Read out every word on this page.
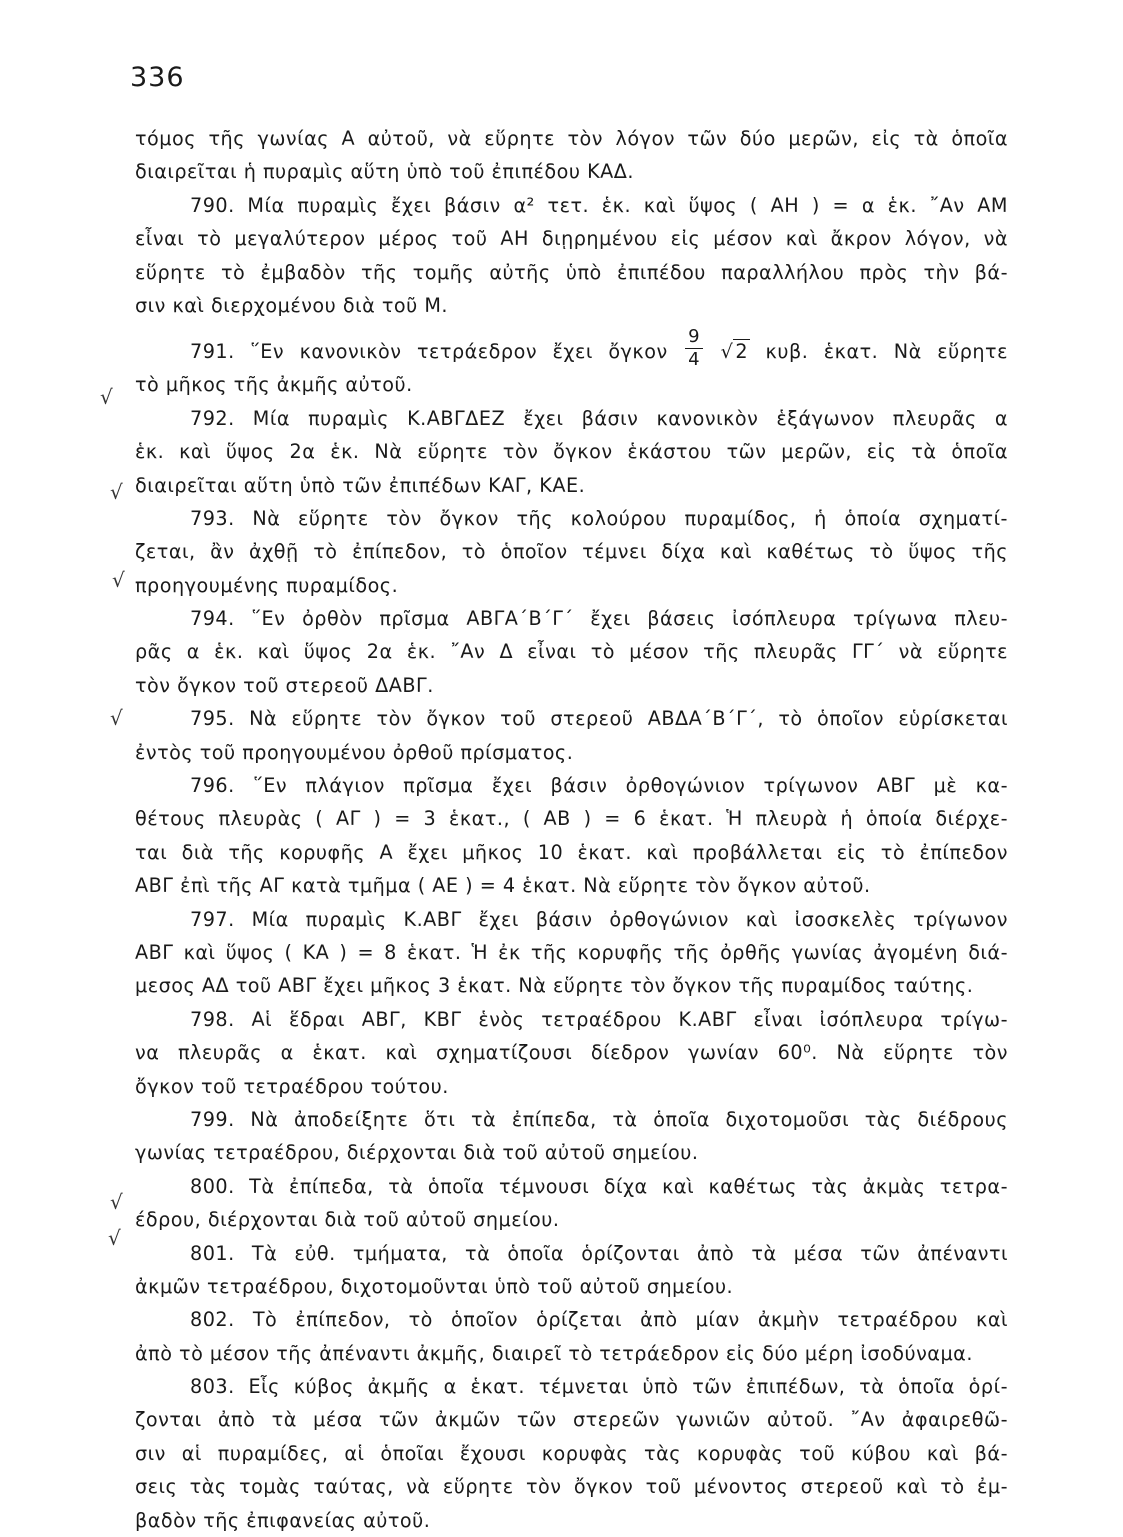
336
√
√
√
√
√
√
τόμος τῆς γωνίας Α αὐτοῦ, νὰ εὕρητε τὸν λόγον τῶν δύο μερῶν, εἰς τὰ ὁποῖα
διαιρεῖται ἡ πυραμὶς αὕτη ὑπὸ τοῦ ἐπιπέδου ΚΑΔ.
790. Μία πυραμὶς ἔχει βάσιν α² τετ. ἑκ. καὶ ὕψος ( ΑΗ ) = α ἑκ. ῎Αν ΑΜ
εἶναι τὸ μεγαλύτερον μέρος τοῦ ΑΗ διῃρημένου εἰς μέσον καὶ ἄκρον λόγον, νὰ
εὕρητε τὸ ἐμβαδὸν τῆς τομῆς αὐτῆς ὑπὸ ἐπιπέδου παραλλήλου πρὸς τὴν βά-
σιν καὶ διερχομένου διὰ τοῦ Μ.
791. ῞Εν κανονικὸν τετράεδρον ἔχει ὄγκον $\frac{9}{4}$ √ 2 κυβ. ἑκατ. Νὰ εὕρητε
τὸ μῆκος τῆς ἀκμῆς αὐτοῦ.
792. Μία πυραμὶς Κ.ΑΒΓΔΕΖ ἔχει βάσιν κανονικὸν ἑξάγωνον πλευρᾶς α
ἑκ. καὶ ὕψος 2α ἑκ. Νὰ εὕρητε τὸν ὄγκον ἑκάστου τῶν μερῶν, εἰς τὰ ὁποῖα
διαιρεῖται αὕτη ὑπὸ τῶν ἐπιπέδων ΚΑΓ, ΚΑΕ.
793. Νὰ εὕρητε τὸν ὄγκον τῆς κολούρου πυραμίδος, ἡ ὁποία σχηματί-
ζεται, ἂν ἀχθῇ τὸ ἐπίπεδον, τὸ ὁποῖον τέμνει δίχα καὶ καθέτως τὸ ὕψος τῆς
προηγουμένης πυραμίδος.
794. ῞Εν ὀρθὸν πρῖσμα ΑΒΓΑ΄Β΄Γ΄ ἔχει βάσεις ἰσόπλευρα τρίγωνα πλευ-
ρᾶς α ἑκ. καὶ ὕψος 2α ἑκ. ῎Αν Δ εἶναι τὸ μέσον τῆς πλευρᾶς ΓΓ΄ νὰ εὕρητε
τὸν ὄγκον τοῦ στερεοῦ ΔΑΒΓ.
795. Νὰ εὕρητε τὸν ὄγκον τοῦ στερεοῦ ΑΒΔΑ΄Β΄Γ΄, τὸ ὁποῖον εὑρίσκεται
ἐντὸς τοῦ προηγουμένου ὀρθοῦ πρίσματος.
796. ῞Εν πλάγιον πρῖσμα ἔχει βάσιν ὀρθογώνιον τρίγωνον ΑΒΓ μὲ κα-
θέτους πλευρὰς ( ΑΓ ) = 3 ἑκατ., ( ΑΒ ) = 6 ἑκατ. Ἡ πλευρὰ ἡ ὁποία διέρχε-
ται διὰ τῆς κορυφῆς Α ἔχει μῆκος 10 ἑκατ. καὶ προβάλλεται εἰς τὸ ἐπίπεδον
ΑΒΓ ἐπὶ τῆς ΑΓ κατὰ τμῆμα ( ΑΕ ) = 4 ἑκατ. Νὰ εὕρητε τὸν ὄγκον αὐτοῦ.
797. Μία πυραμὶς Κ.ΑΒΓ ἔχει βάσιν ὀρθογώνιον καὶ ἰσοσκελὲς τρίγωνον
ΑΒΓ καὶ ὕψος ( ΚΑ ) = 8 ἑκατ. Ἡ ἐκ τῆς κορυφῆς τῆς ὀρθῆς γωνίας ἀγομένη διά-
μεσος ΑΔ τοῦ ΑΒΓ ἔχει μῆκος 3 ἑκατ. Νὰ εὕρητε τὸν ὄγκον τῆς πυραμίδος ταύτης.
798. Αἱ ἕδραι ΑΒΓ, ΚΒΓ ἑνὸς τετραέδρου Κ.ΑΒΓ εἶναι ἰσόπλευρα τρίγω-
να πλευρᾶς α ἑκατ. καὶ σχηματίζουσι δίεδρον γωνίαν 60⁰. Νὰ εὕρητε τὸν
ὄγκον τοῦ τετραέδρου τούτου.
799. Νὰ ἀποδείξητε ὅτι τὰ ἐπίπεδα, τὰ ὁποῖα διχοτομοῦσι τὰς διέδρους
γωνίας τετραέδρου, διέρχονται διὰ τοῦ αὐτοῦ σημείου.
800. Τὰ ἐπίπεδα, τὰ ὁποῖα τέμνουσι δίχα καὶ καθέτως τὰς ἀκμὰς τετρα-
έδρου, διέρχονται διὰ τοῦ αὐτοῦ σημείου.
801. Τὰ εὐθ. τμήματα, τὰ ὁποῖα ὁρίζονται ἀπὸ τὰ μέσα τῶν ἀπέναντι
ἀκμῶν τετραέδρου, διχοτομοῦνται ὑπὸ τοῦ αὐτοῦ σημείου.
802. Τὸ ἐπίπεδον, τὸ ὁποῖον ὁρίζεται ἀπὸ μίαν ἀκμὴν τετραέδρου καὶ
ἀπὸ τὸ μέσον τῆς ἀπέναντι ἀκμῆς, διαιρεῖ τὸ τετράεδρον εἰς δύο μέρη ἰσοδύναμα.
803. Εἷς κύβος ἀκμῆς α ἑκατ. τέμνεται ὑπὸ τῶν ἐπιπέδων, τὰ ὁποῖα ὁρί-
ζονται ἀπὸ τὰ μέσα τῶν ἀκμῶν τῶν στερεῶν γωνιῶν αὐτοῦ. ῎Αν ἀφαιρεθῶ-
σιν αἱ πυραμίδες, αἱ ὁποῖαι ἔχουσι κορυφὰς τὰς κορυφὰς τοῦ κύβου καὶ βά-
σεις τὰς τομὰς ταύτας, νὰ εὕρητε τὸν ὄγκον τοῦ μένοντος στερεοῦ καὶ τὸ ἐμ-
βαδὸν τῆς ἐπιφανείας αὐτοῦ.
